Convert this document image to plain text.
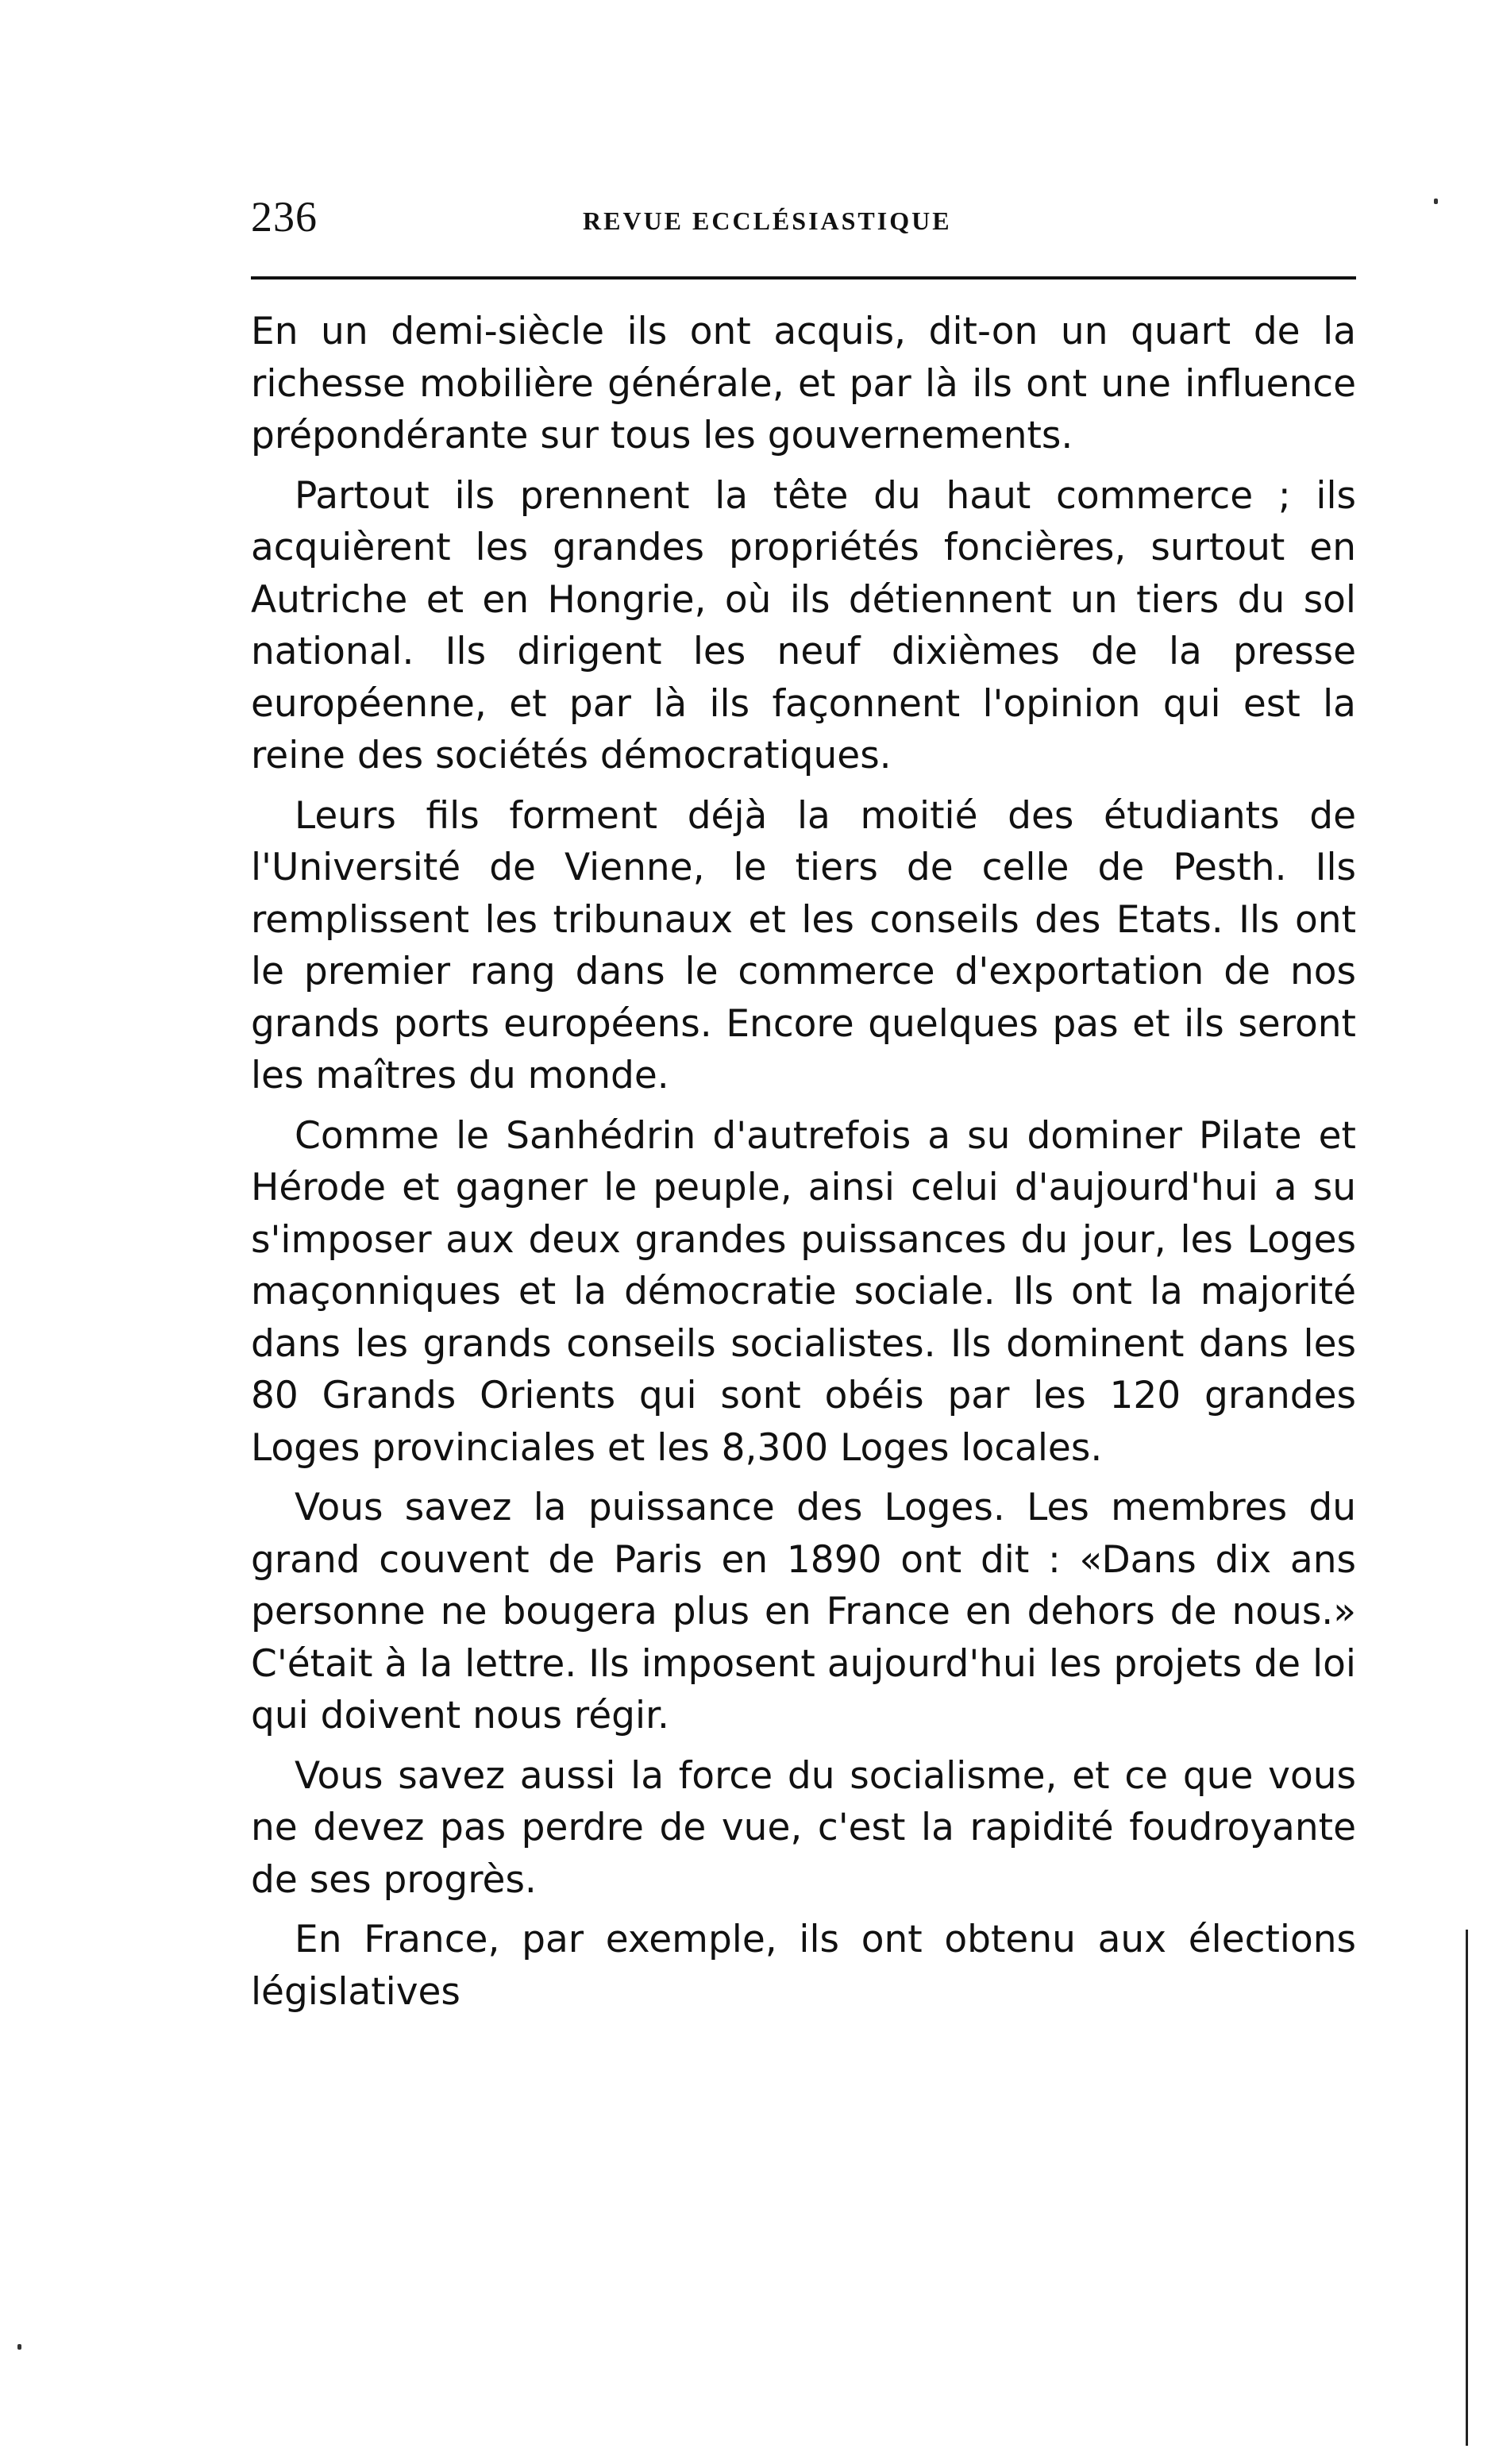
236	REVUE ECCLÉSIASTIQUE

En un demi-siècle ils ont acquis, dit-on un quart de la richesse mobilière générale, et par là ils ont une influence prépondérante sur tous les gouvernements.

Partout ils prennent la tête du haut commerce ; ils acquièrent les grandes propriétés foncières, surtout en Autriche et en Hongrie, où ils détiennent un tiers du sol national. Ils dirigent les neuf dixièmes de la presse européenne, et par là ils façonnent l'opinion qui est la reine des sociétés démocratiques.

Leurs fils forment déjà la moitié des étudiants de l'Université de Vienne, le tiers de celle de Pesth. Ils remplissent les tribunaux et les conseils des Etats. Ils ont le premier rang dans le commerce d'exportation de nos grands ports européens. Encore quelques pas et ils seront les maîtres du monde.

Comme le Sanhédrin d'autrefois a su dominer Pilate et Hérode et gagner le peuple, ainsi celui d'aujourd'hui a su s'imposer aux deux grandes puissances du jour, les Loges maçonniques et la démocratie sociale. Ils ont la majorité dans les grands conseils socialistes. Ils dominent dans les 80 Grands Orients qui sont obéis par les 120 grandes Loges provinciales et les 8,300 Loges locales.

Vous savez la puissance des Loges. Les membres du grand couvent de Paris en 1890 ont dit : «Dans dix ans personne ne bougera plus en France en dehors de nous.» C'était à la lettre. Ils imposent aujourd'hui les projets de loi qui doivent nous régir.

Vous savez aussi la force du socialisme, et ce que vous ne devez pas perdre de vue, c'est la rapidité foudroyante de ses progrès.

En France, par exemple, ils ont obtenu aux élections législatives
